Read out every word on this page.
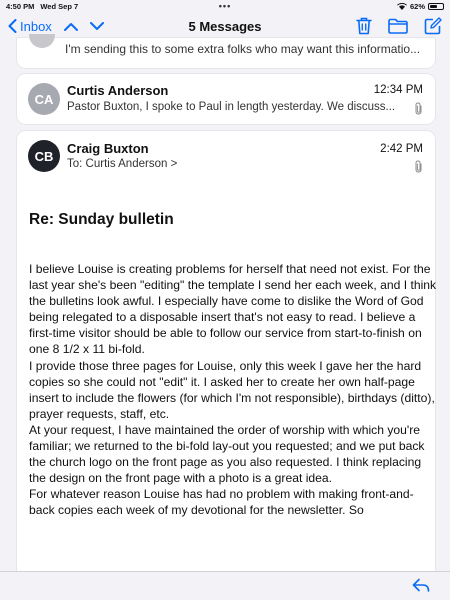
4:50 PM Wed Sep 7	•••	62%
Inbox	5 Messages
I'm sending this to some extra folks who may want this informatio...
CA
Curtis Anderson	12:34 PM
Pastor Buxton, I spoke to Paul in length yesterday. We discuss...
CB Craig Buxton	2:42 PM
To: Curtis Anderson >
Re: Sunday bulletin

I believe Louise is creating problems for herself that need not exist. For the last year she's been "editing" the template I send her each week, and I think the bulletins look awful. I especially have come to dislike the Word of God being relegated to a disposable insert that's not easy to read. I believe a first-time visitor should be able to follow our service from start-to-finish on one 8 1/2 x 11 bi-fold.

I provide those three pages for Louise, only this week I gave her the hard copies so she could not "edit" it. I asked her to create her own half-page insert to include the flowers (for which I'm not responsible), birthdays (ditto), prayer requests, staff, etc.

At your request, I have maintained the order of worship with which you're familiar; we returned to the bi-fold lay-out you requested; and we put back the church logo on the front page as you also requested. I think replacing the design on the front page with a photo is a great idea.

For whatever reason Louise has had no problem with making front-and-back copies each week of my devotional for the newsletter. So
